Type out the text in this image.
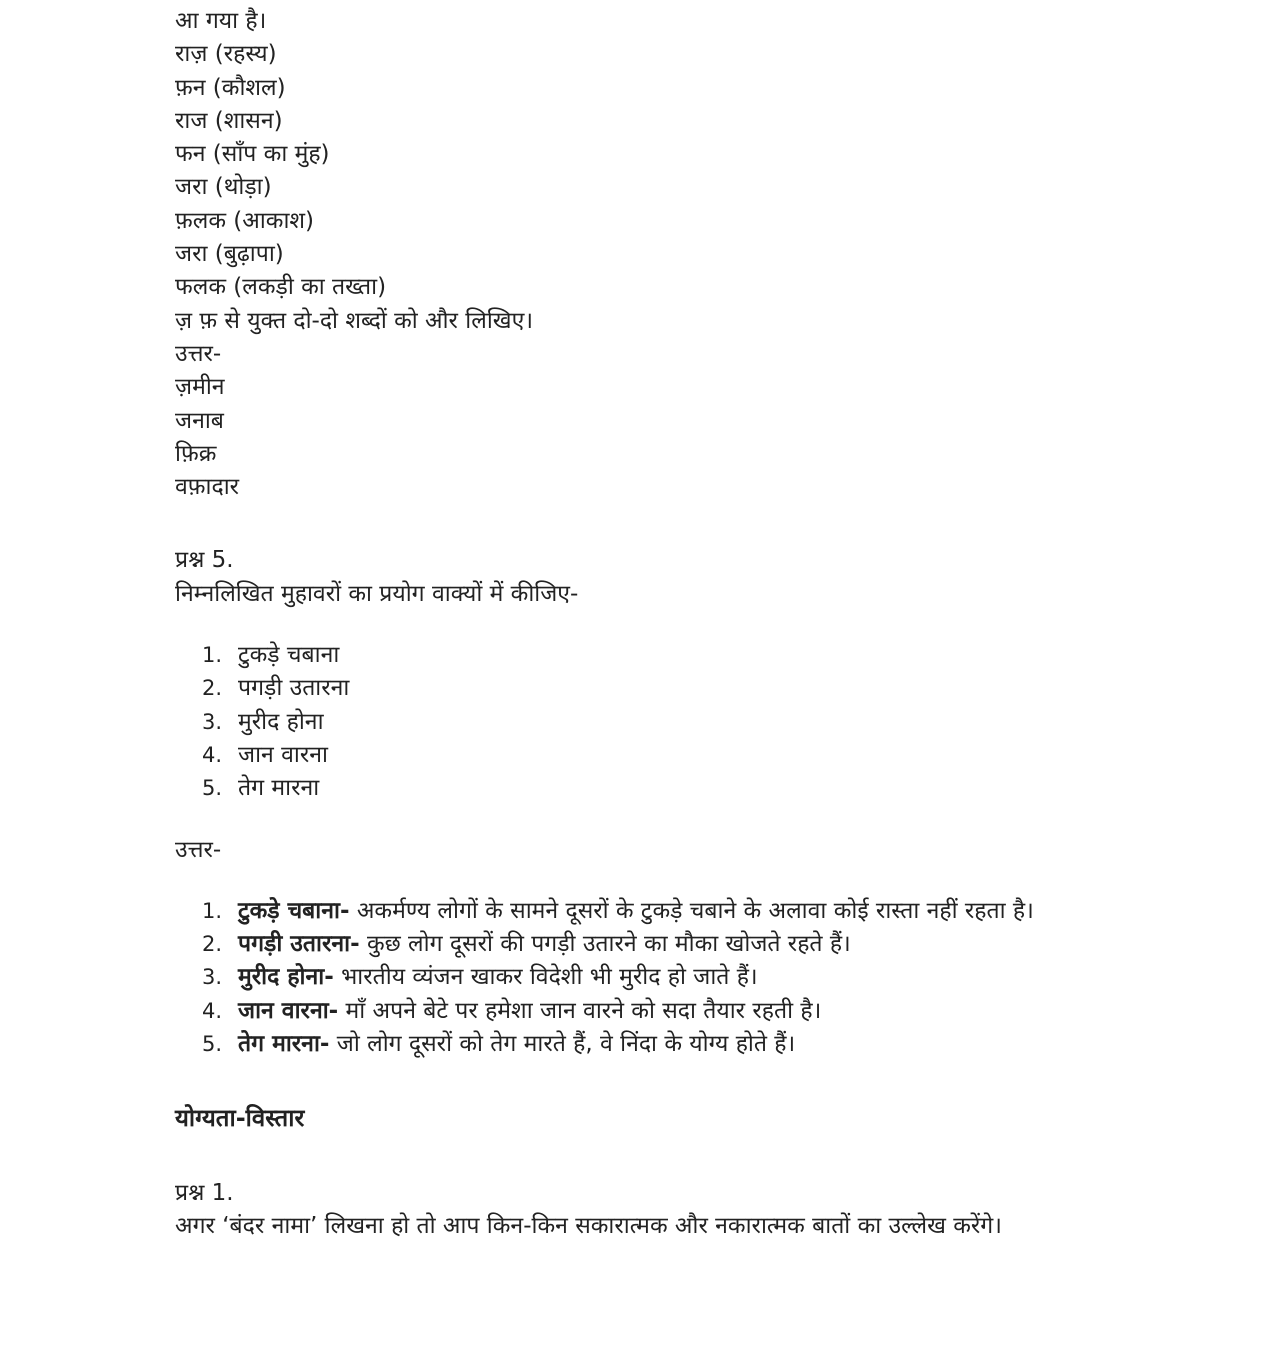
आ गया है।
राज़ (रहस्य)
फ़न (कौशल)
राज (शासन)
फन (साँप का मुंह)
जरा (थोड़ा)
फ़लक (आकाश)
जरा (बुढ़ापा)
फलक (लकड़ी का तख्ता)
ज़ फ़ से युक्त दो-दो शब्दों को और लिखिए।
उत्तर-
ज़मीन
जनाब
फ़िक्र
वफ़ादार
प्रश्न 5.
निम्नलिखित मुहावरों का प्रयोग वाक्यों में कीजिए-
1. टुकड़े चबाना
2. पगड़ी उतारना
3. मुरीद होना
4. जान वारना
5. तेग मारना
उत्तर-
1. टुकड़े चबाना- अकर्मण्य लोगों के सामने दूसरों के टुकड़े चबाने के अलावा कोई रास्ता नहीं रहता है।
2. पगड़ी उतारना- कुछ लोग दूसरों की पगड़ी उतारने का मौका खोजते रहते हैं।
3. मुरीद होना- भारतीय व्यंजन खाकर विदेशी भी मुरीद हो जाते हैं।
4. जान वारना- माँ अपने बेटे पर हमेशा जान वारने को सदा तैयार रहती है।
5. तेग मारना- जो लोग दूसरों को तेग मारते हैं, वे निंदा के योग्य होते हैं।
योग्यता-विस्तार
प्रश्न 1.
अगर ‘बंदर नामा’ लिखना हो तो आप किन-किन सकारात्मक और नकारात्मक बातों का उल्लेख करेंगे।
